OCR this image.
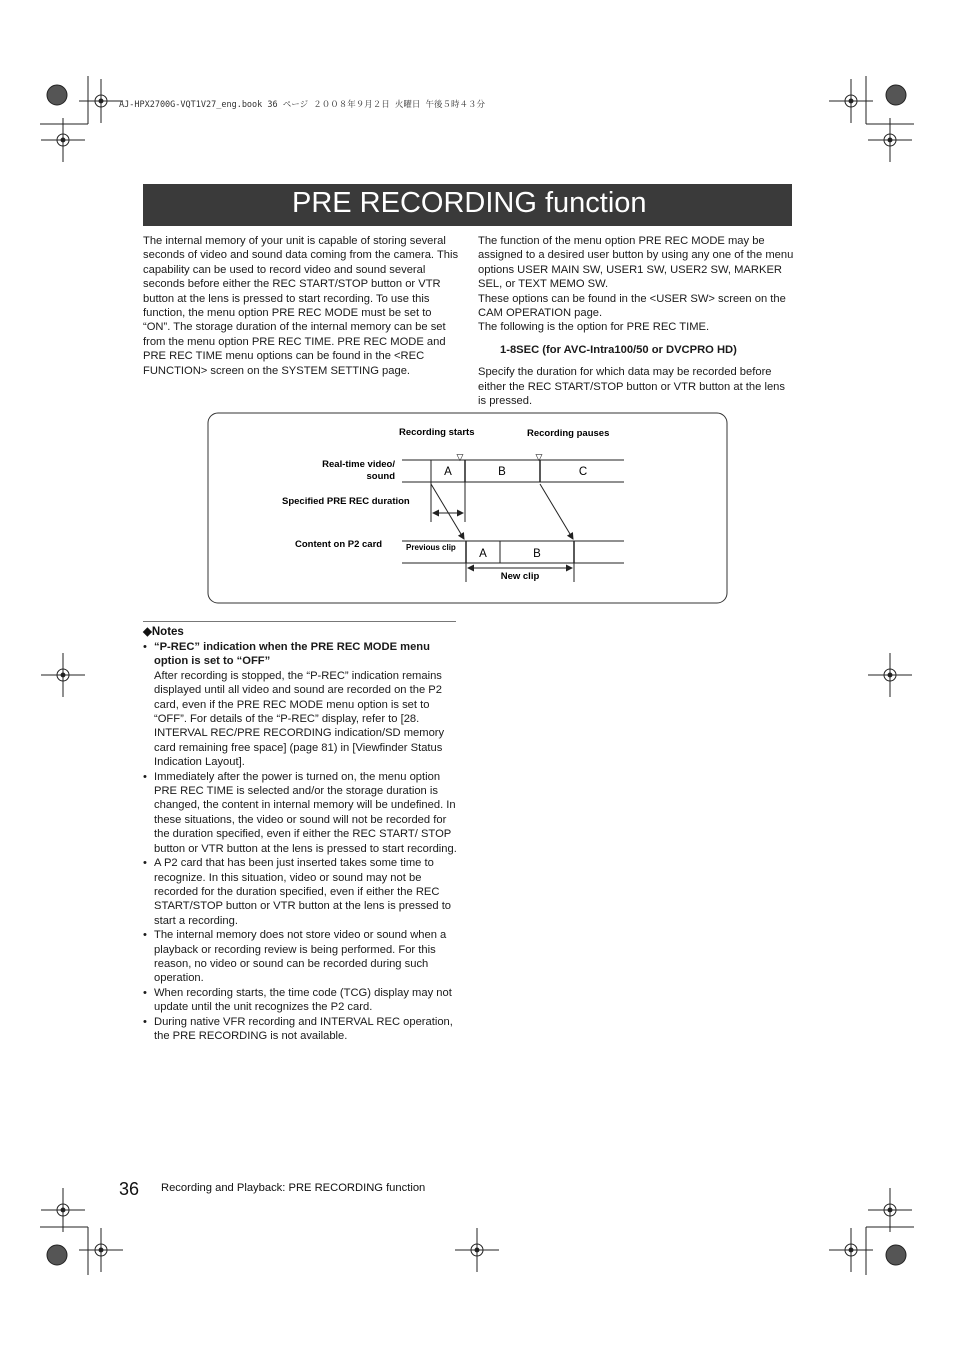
AJ-HPX2700G-VQT1V27_eng.book 36 ページ ２００８年９月２日 火曜日 午後５時４３分
PRE RECORDING function
The internal memory of your unit is capable of storing several seconds of video and sound data coming from the camera. This capability can be used to record video and sound several seconds before either the REC START/STOP button or VTR button at the lens is pressed to start recording. To use this function, the menu option PRE REC MODE must be set to “ON”. The storage duration of the internal memory can be set from the menu option PRE REC TIME. PRE REC MODE and PRE REC TIME menu options can be found in the <REC FUNCTION> screen on the SYSTEM SETTING page.

The function of the menu option PRE REC MODE may be assigned to a desired user button by using any one of the menu options USER MAIN SW, USER1 SW, USER2 SW, MARKER SEL, or TEXT MEMO SW.

These options can be found in the <USER SW> screen on the CAM OPERATION page.

The following is the option for PRE REC TIME.

1-8SEC (for AVC-Intra100/50 or DVCPRO HD)

Specify the duration for which data may be recorded before either the REC START/STOP button or VTR button at the lens is pressed.

Recording starts	Recording pauses
▽	▽
Real-time video/
sound
Specified PRE REC duration
Content on P2 card
A	B	C
Previous clip
A	B
New clip
◆Notes
• “P-REC” indication when the PRE REC MODE menu option is set to “OFF”
After recording is stopped, the “P-REC” indication remains displayed until all video and sound are recorded on the P2 card, even if the PRE REC MODE menu option is set to “OFF”. For details of the “P-REC” display, refer to [28. INTERVAL REC/PRE RECORDING indication/SD memory card remaining free space] (page 81) in [Viewfinder Status Indication Layout].
• Immediately after the power is turned on, the menu option PRE REC TIME is selected and/or the storage duration is changed, the content in internal memory will be undefined. In these situations, the video or sound will not be recorded for the duration specified, even if either the REC START/ STOP button or VTR button at the lens is pressed to start recording.
• A P2 card that has been just inserted takes some time to recognize. In this situation, video or sound may not be recorded for the duration specified, even if either the REC START/STOP button or VTR button at the lens is pressed to start a recording.
• The internal memory does not store video or sound when a playback or recording review is being performed. For this reason, no video or sound can be recorded during such operation.
• When recording starts, the time code (TCG) display may not update until the unit recognizes the P2 card.
• During native VFR recording and INTERVAL REC operation, the PRE RECORDING is not available.
36 Recording and Playback: PRE RECORDING function
